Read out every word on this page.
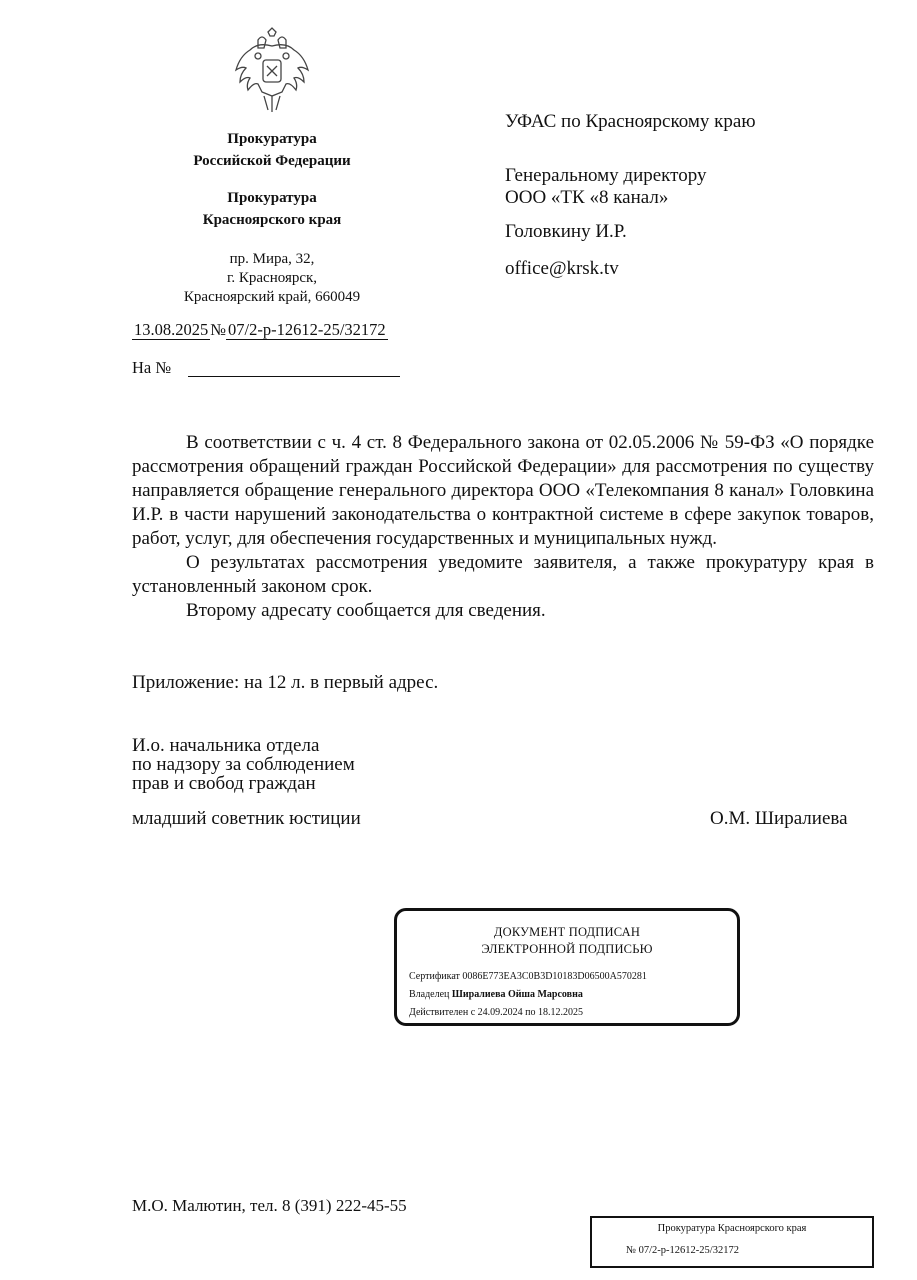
Прокуратура
Российской Федерации
Прокуратура
Красноярского края
пр. Мира, 32,
г. Красноярск,
Красноярский край, 660049
13.08.2025 № 07/2-р-12612-25/32172
На №
УФАС по Красноярскому краю
Генеральному директору
ООО «ТК «8 канал»
Головкину И.Р.
office@krsk.tv

В соответствии с ч. 4 ст. 8 Федерального закона от 02.05.2006 № 59-ФЗ «О порядке рассмотрения обращений граждан Российской Федерации» для рассмотрения по существу направляется обращение генерального директора ООО «Телекомпания 8 канал» Головкина И.Р. в части нарушений законодательства о контрактной системе в сфере закупок товаров, работ, услуг, для обеспечения государственных и муниципальных нужд.

О результатах рассмотрения уведомите заявителя, а также прокуратуру края в установленный законом срок.

Второму адресату сообщается для сведения.

Приложение: на 12 л. в первый адрес.
И.о. начальника отдела
по надзору за соблюдением
прав и свобод граждан
младший советник юстиции	О.М. Ширалиева
ДОКУМЕНТ ПОДПИСАН
ЭЛЕКТРОННОЙ ПОДПИСЬЮ
Сертификат 0086E773EA3C0B3D10183D06500A570281
Владелец Ширалиева Ойша Марсовна
Действителен с 24.09.2024 по 18.12.2025
М.О. Малютин, тел. 8 (391) 222-45-55
Прокуратура Красноярского края
№ 07/2-р-12612-25/32172
